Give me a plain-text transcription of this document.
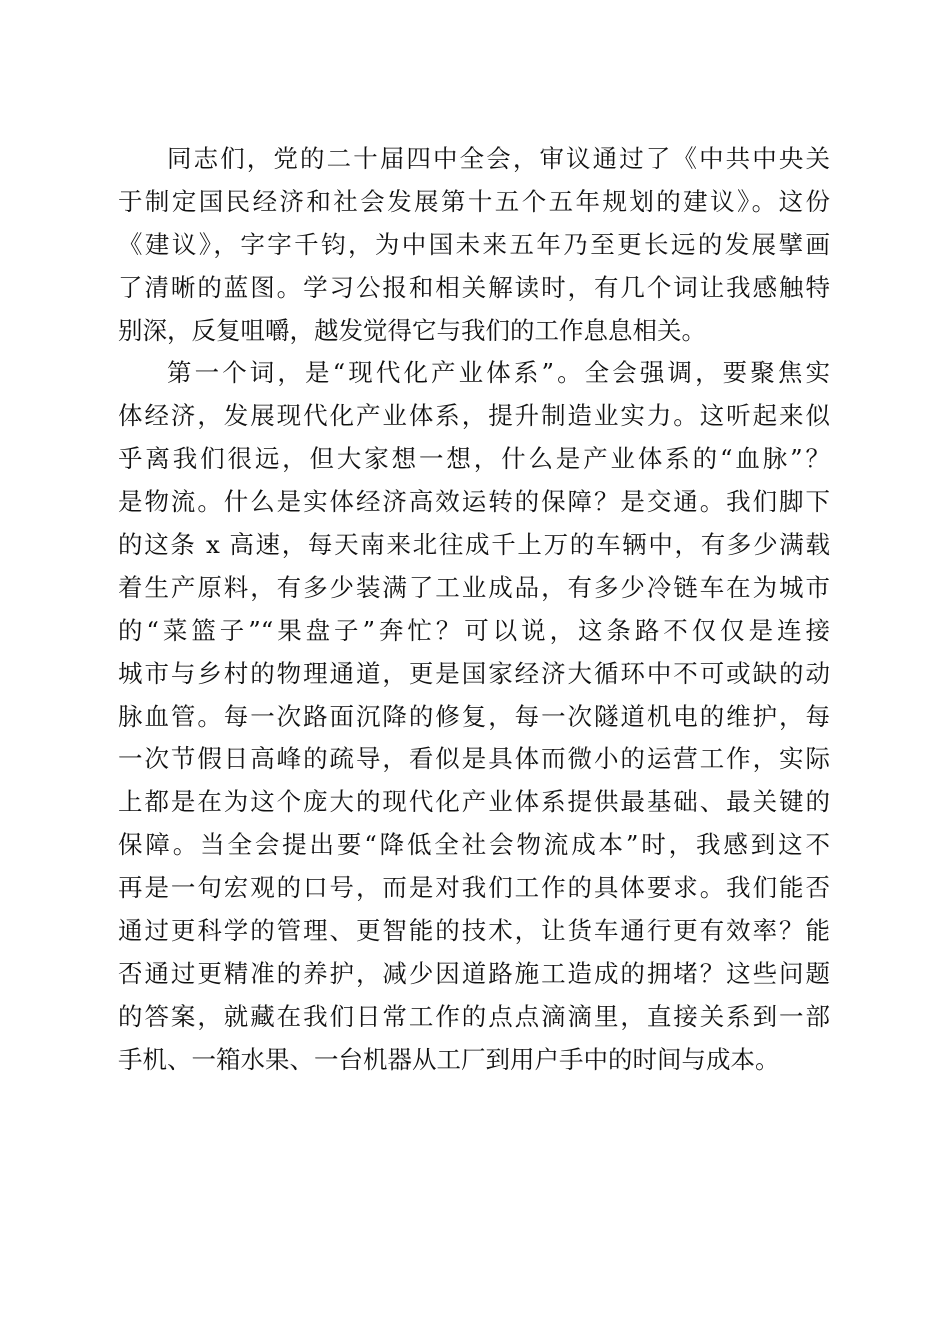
同志们，党的二十届四中全会，审议通过了《中共中央关
于制定国民经济和社会发展第十五个五年规划的建议》。这份
《建议》，字字千钧，为中国未来五年乃至更长远的发展擘画
了清晰的蓝图。学习公报和相关解读时，有几个词让我感触特
别深，反复咀嚼，越发觉得它与我们的工作息息相关。
第一个词，是“现代化产业体系”。全会强调，要聚焦实
体经济，发展现代化产业体系，提升制造业实力。这听起来似
乎离我们很远，但大家想一想，什么是产业体系的“血脉”？
是物流。什么是实体经济高效运转的保障？是交通。我们脚下
的这条 x 高速，每天南来北往成千上万的车辆中，有多少满载
着生产原料，有多少装满了工业成品，有多少冷链车在为城市
的“菜篮子”“果盘子”奔忙？可以说，这条路不仅仅是连接
城市与乡村的物理通道，更是国家经济大循环中不可或缺的动
脉血管。每一次路面沉降的修复，每一次隧道机电的维护，每
一次节假日高峰的疏导，看似是具体而微小的运营工作，实际
上都是在为这个庞大的现代化产业体系提供最基础、最关键的
保障。当全会提出要“降低全社会物流成本”时，我感到这不
再是一句宏观的口号，而是对我们工作的具体要求。我们能否
通过更科学的管理、更智能的技术，让货车通行更有效率？能
否通过更精准的养护，减少因道路施工造成的拥堵？这些问题
的答案，就藏在我们日常工作的点点滴滴里，直接关系到一部
手机、一箱水果、一台机器从工厂到用户手中的时间与成本。
